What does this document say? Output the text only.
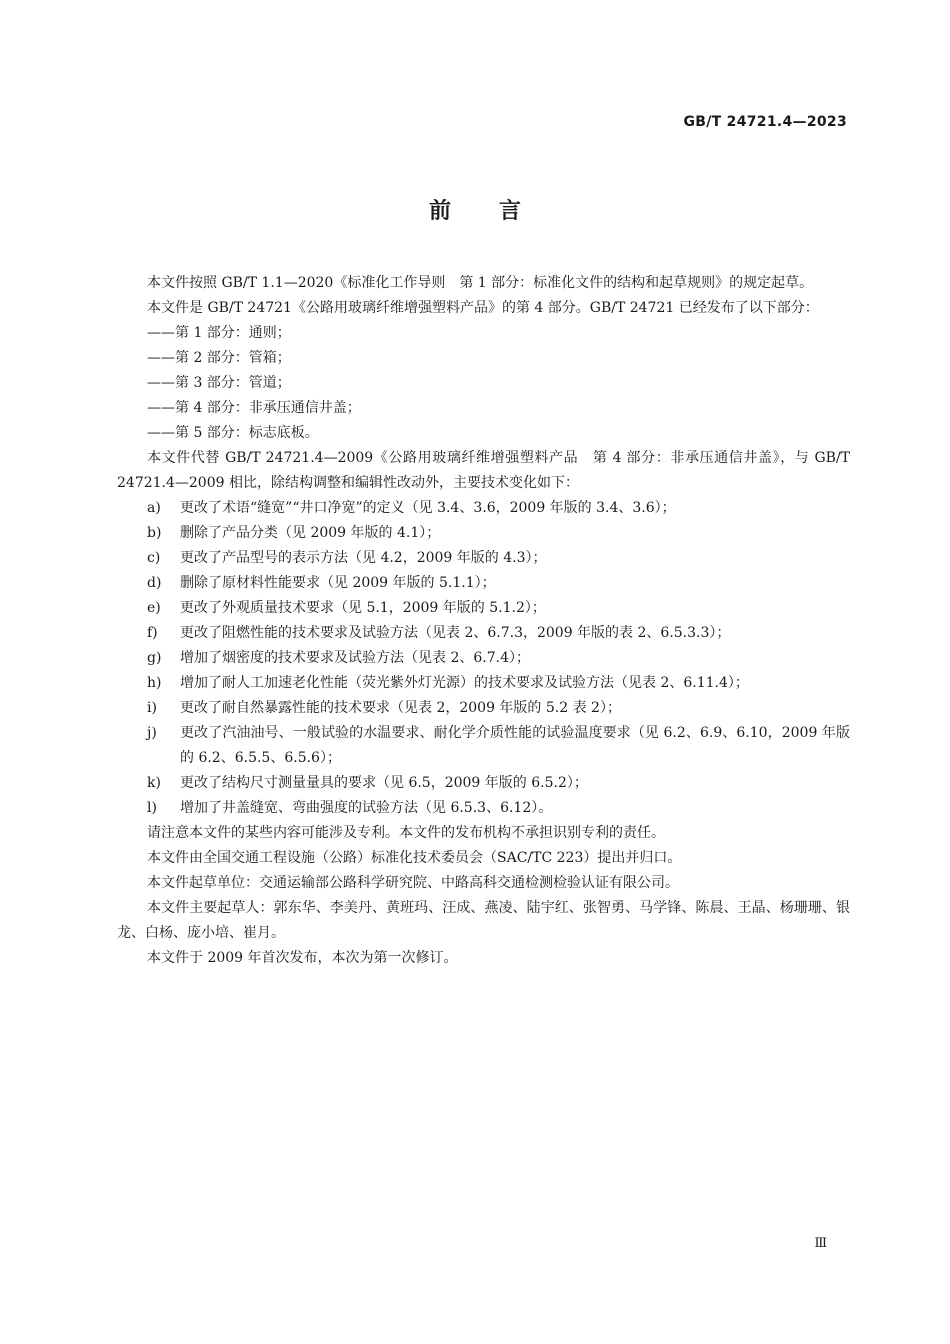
GB/T 24721.4—2023
前言

本文件按照 GB/T 1.1—2020《标准化工作导则　第 1 部分：标准化文件的结构和起草规则》的规定起草。

本文件是 GB/T 24721《公路用玻璃纤维增强塑料产品》的第 4 部分。GB/T 24721 已经发布了以下部分：

——第 1 部分：通则；

——第 2 部分：管箱；

——第 3 部分：管道；

——第 4 部分：非承压通信井盖；

——第 5 部分：标志底板。

本文件代替 GB/T 24721.4—2009《公路用玻璃纤维增强塑料产品　第 4 部分：非承压通信井盖》，与 GB/T 24721.4—2009 相比，除结构调整和编辑性改动外，主要技术变化如下：

a) 更改了术语“缝宽”“井口净宽”的定义（见 3.4、3.6，2009 年版的 3.4、3.6）；

b) 删除了产品分类（见 2009 年版的 4.1）；

c) 更改了产品型号的表示方法（见 4.2，2009 年版的 4.3）；

d) 删除了原材料性能要求（见 2009 年版的 5.1.1）；

e) 更改了外观质量技术要求（见 5.1，2009 年版的 5.1.2）；

f) 更改了阻燃性能的技术要求及试验方法（见表 2、6.7.3，2009 年版的表 2、6.5.3.3）；

g) 增加了烟密度的技术要求及试验方法（见表 2、6.7.4）；

h) 增加了耐人工加速老化性能（荧光紫外灯光源）的技术要求及试验方法（见表 2、6.11.4）；

i) 更改了耐自然暴露性能的技术要求（见表 2，2009 年版的 5.2 表 2）；

j) 更改了汽油油号、一般试验的水温要求、耐化学介质性能的试验温度要求（见 6.2、6.9、6.10，2009 年版的 6.2、6.5.5、6.5.6）；

k) 更改了结构尺寸测量量具的要求（见 6.5，2009 年版的 6.5.2）；

l) 增加了井盖缝宽、弯曲强度的试验方法（见 6.5.3、6.12）。

请注意本文件的某些内容可能涉及专利。本文件的发布机构不承担识别专利的责任。

本文件由全国交通工程设施（公路）标准化技术委员会（SAC/TC 223）提出并归口。

本文件起草单位：交通运输部公路科学研究院、中路高科交通检测检验认证有限公司。

本文件主要起草人：郭东华、李美丹、黄班玛、汪成、燕凌、陆宇红、张智勇、马学锋、陈晨、王晶、杨珊珊、银龙、白杨、庞小培、崔月。

本文件于 2009 年首次发布，本次为第一次修订。

Ⅲ
